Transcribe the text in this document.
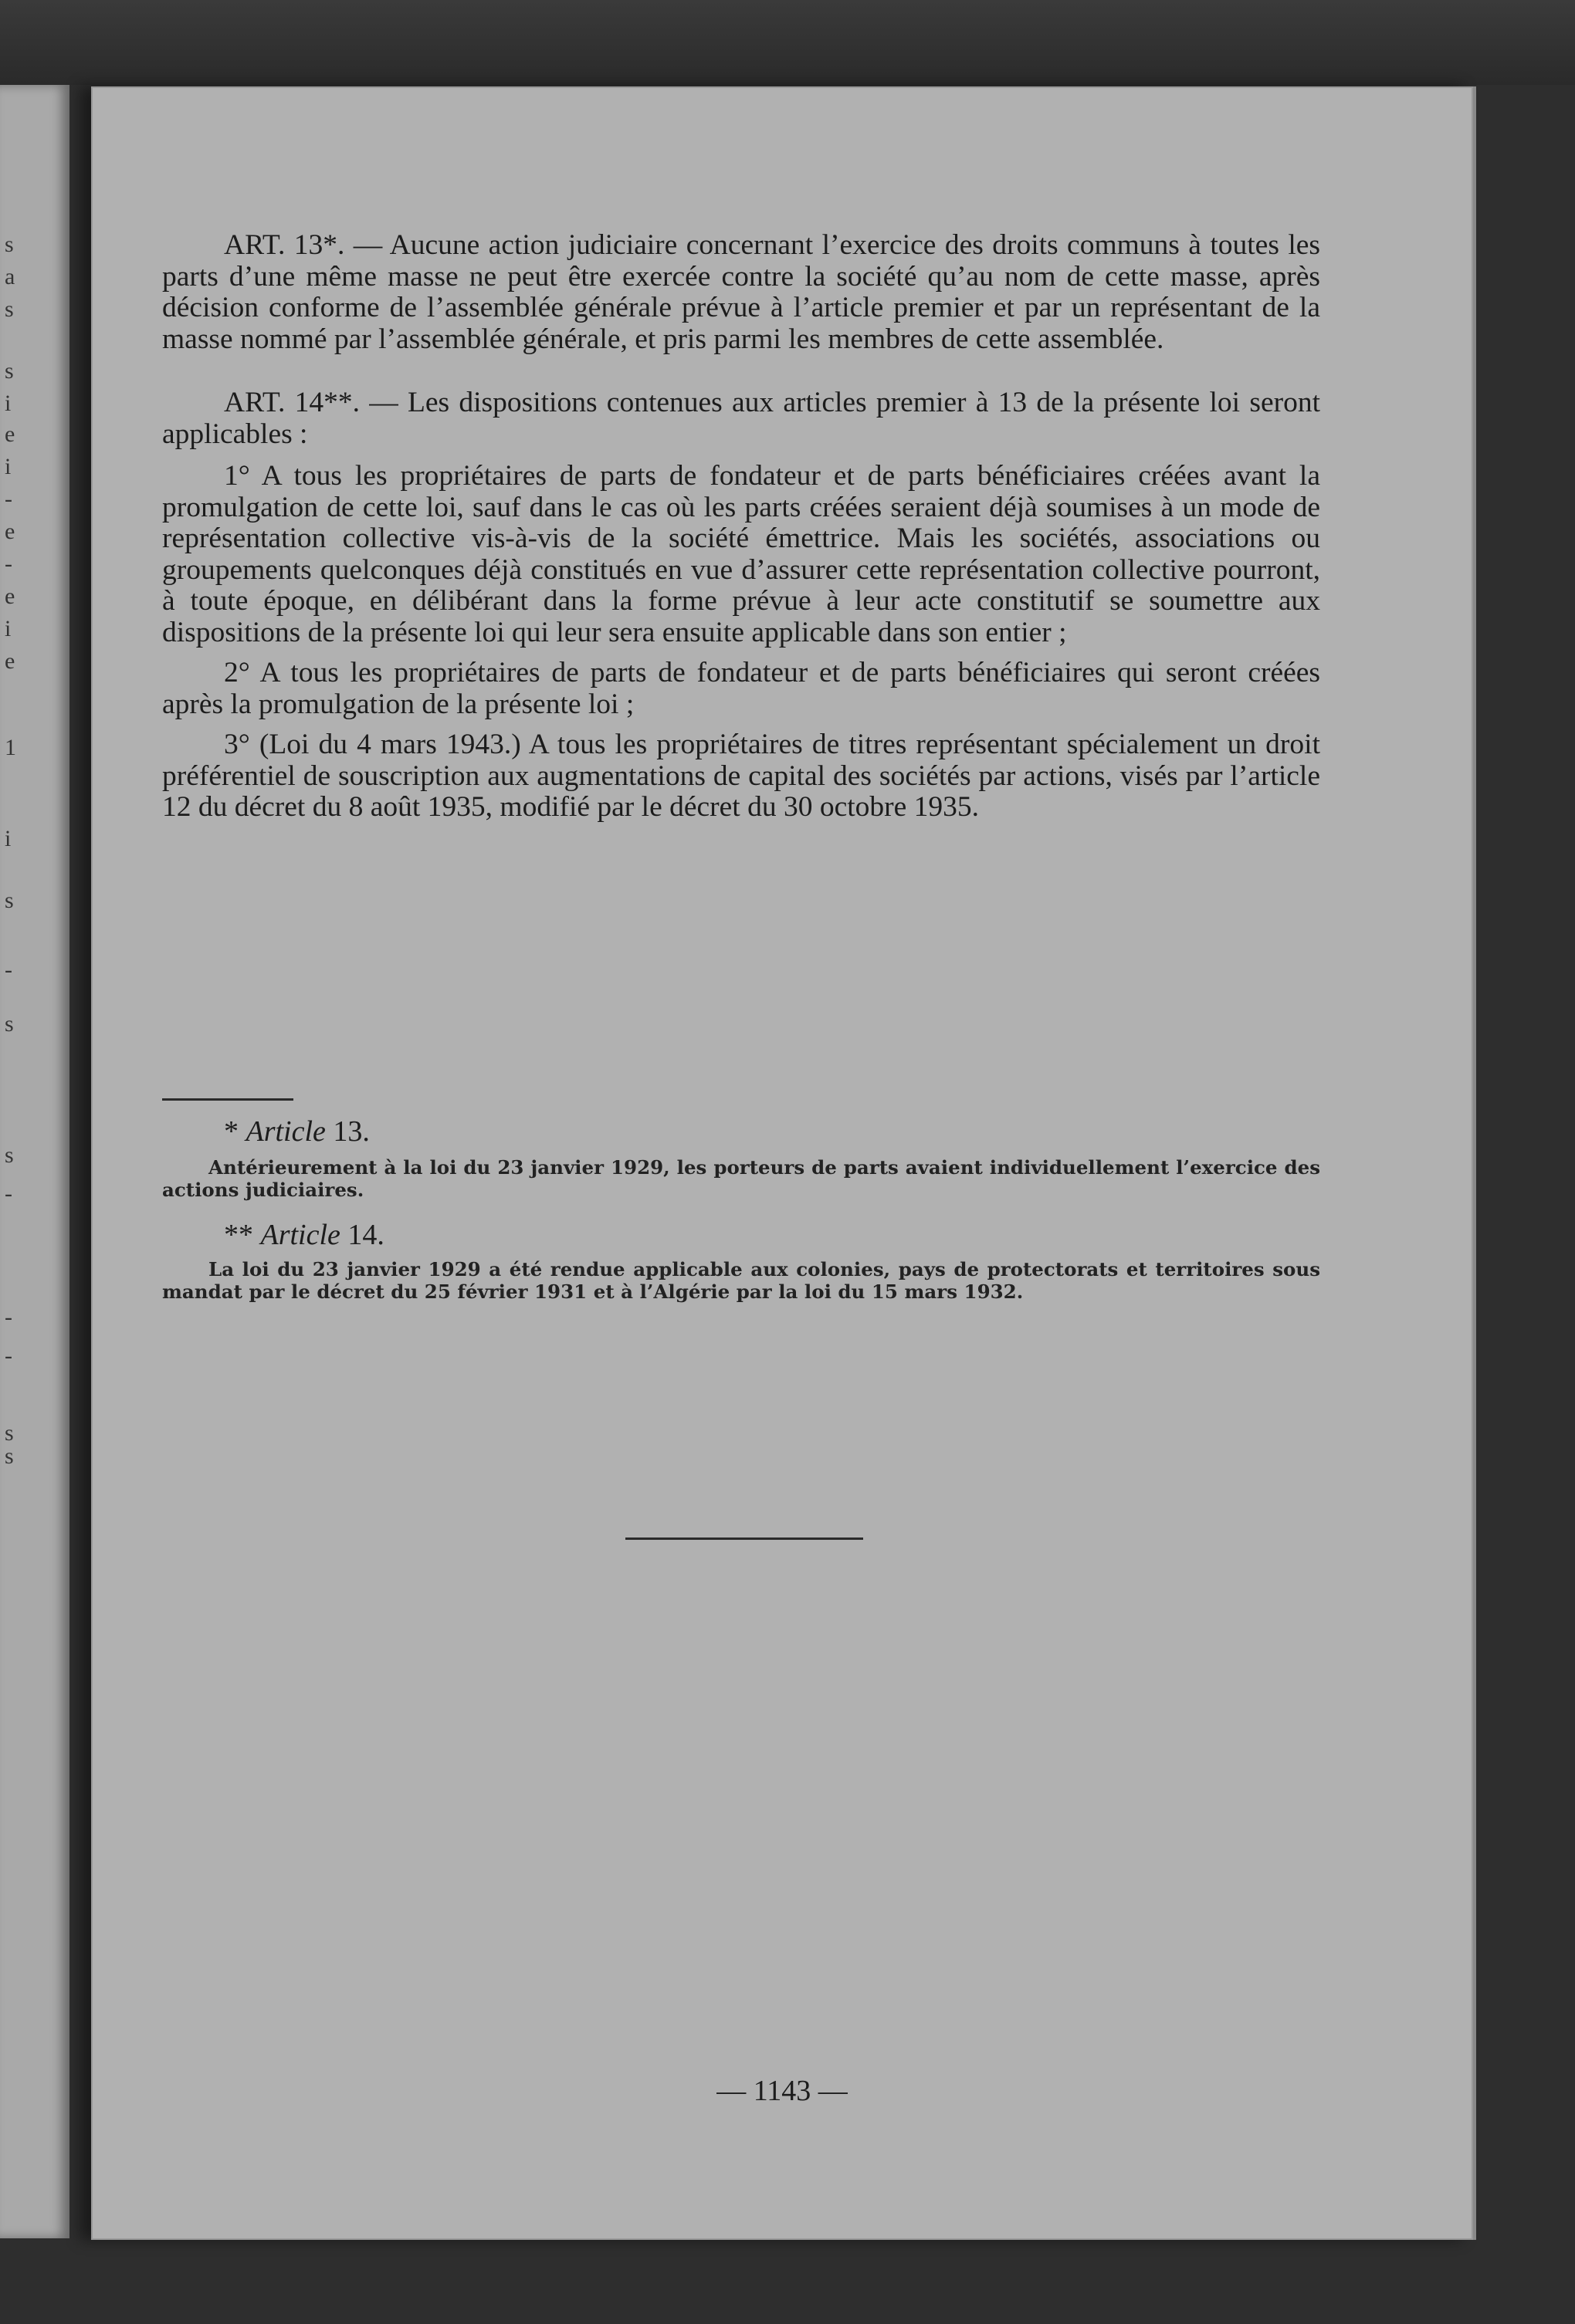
s
a
s
s
i
e
i
-
e
-
e
i
e
1
i
s
-
s
s
-
-
-
s
s

ART. 13*. — Aucune action judiciaire concernant l’exercice des droits communs à toutes les parts d’une même masse ne peut être exercée contre la société qu’au nom de cette masse, après décision conforme de l’assemblée générale prévue à l’article premier et par un représentant de la masse nommé par l’assemblée générale, et pris parmi les membres de cette assemblée.

ART. 14**. — Les dispositions contenues aux articles premier à 13 de la présente loi seront applicables :

1° A tous les propriétaires de parts de fondateur et de parts bénéficiaires créées avant la promulgation de cette loi, sauf dans le cas où les parts créées seraient déjà soumises à un mode de représentation collective vis-à-vis de la société émettrice. Mais les sociétés, associations ou groupements quelconques déjà constitués en vue d’assurer cette représentation collective pourront, à toute époque, en délibérant dans la forme prévue à leur acte constitutif se soumettre aux dispositions de la présente loi qui leur sera ensuite applicable dans son entier ;

2° A tous les propriétaires de parts de fondateur et de parts bénéficiaires qui seront créées après la promulgation de la présente loi ;

3° (Loi du 4 mars 1943.) A tous les propriétaires de titres représentant spécialement un droit préférentiel de souscription aux augmentations de capital des sociétés par actions, visés par l’article 12 du décret du 8 août 1935, modifié par le décret du 30 octobre 1935.

* Article 13.

Antérieurement à la loi du 23 janvier 1929, les porteurs de parts avaient individuellement l’exercice des actions judiciaires.

** Article 14.

La loi du 23 janvier 1929 a été rendue applicable aux colonies, pays de protectorats et territoires sous mandat par le décret du 25 février 1931 et à l’Algérie par la loi du 15 mars 1932.

— 1143 —
